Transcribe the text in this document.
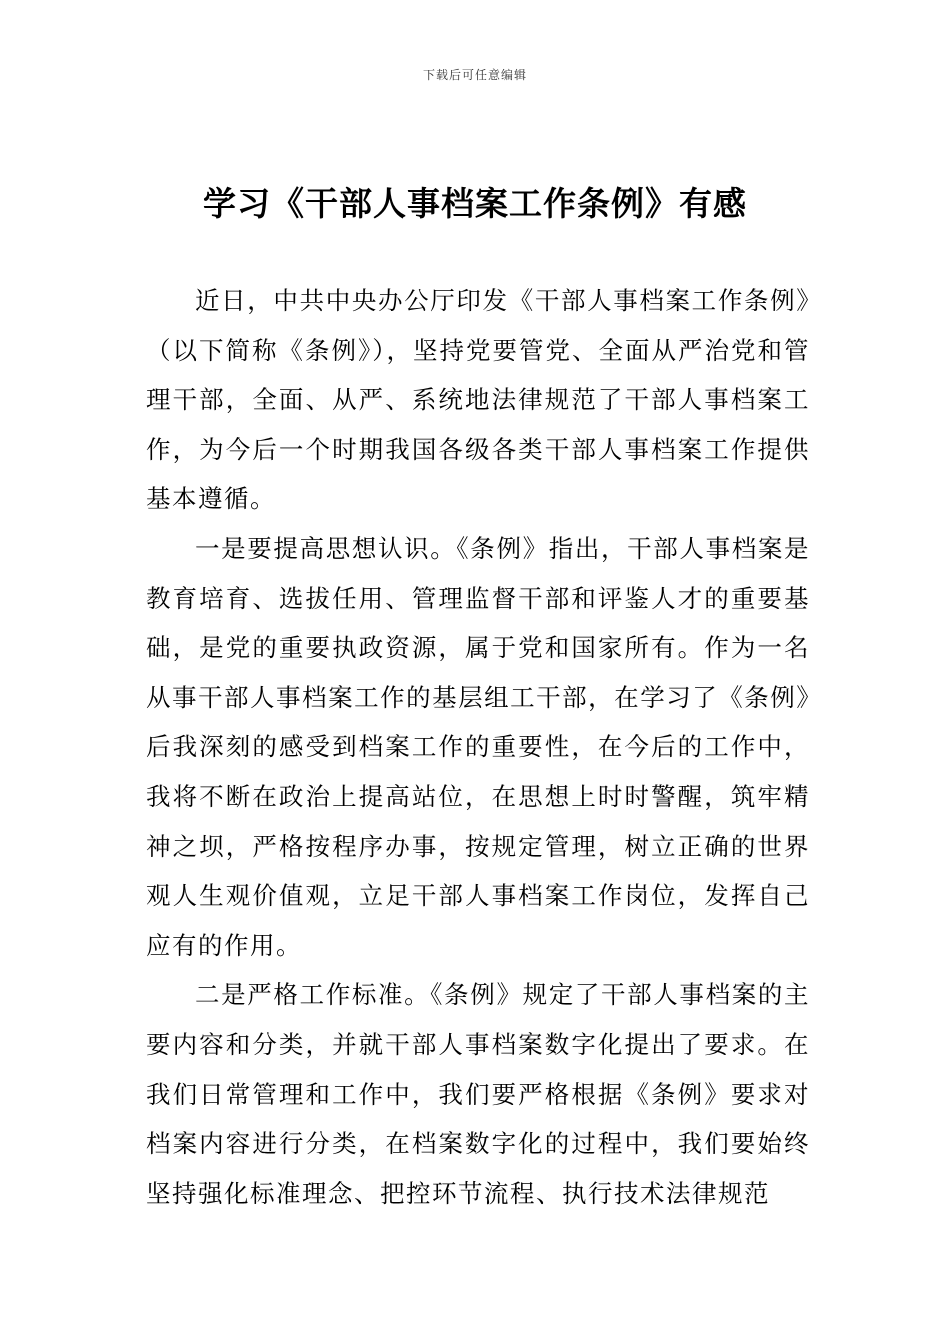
下载后可任意编辑
学习《干部人事档案工作条例》有感

近日，中共中央办公厅印发《干部人事档案工作条例》（以下简称《条例》），坚持党要管党、全面从严治党和管理干部，全面、从严、系统地法律规范了干部人事档案工作，为今后一个时期我国各级各类干部人事档案工作提供基本遵循。

一是要提高思想认识。《条例》指出，干部人事档案是教育培育、选拔任用、管理监督干部和评鉴人才的重要基础，是党的重要执政资源，属于党和国家所有。作为一名从事干部人事档案工作的基层组工干部，在学习了《条例》后我深刻的感受到档案工作的重要性，在今后的工作中，我将不断在政治上提高站位，在思想上时时警醒，筑牢精神之坝，严格按程序办事，按规定管理，树立正确的世界观人生观价值观，立足干部人事档案工作岗位，发挥自己应有的作用。

二是严格工作标准。《条例》规定了干部人事档案的主要内容和分类，并就干部人事档案数字化提出了要求。在我们日常管理和工作中，我们要严格根据《条例》要求对档案内容进行分类，在档案数字化的过程中，我们要始终坚持强化标准理念、把控环节流程、执行技术法律规范
